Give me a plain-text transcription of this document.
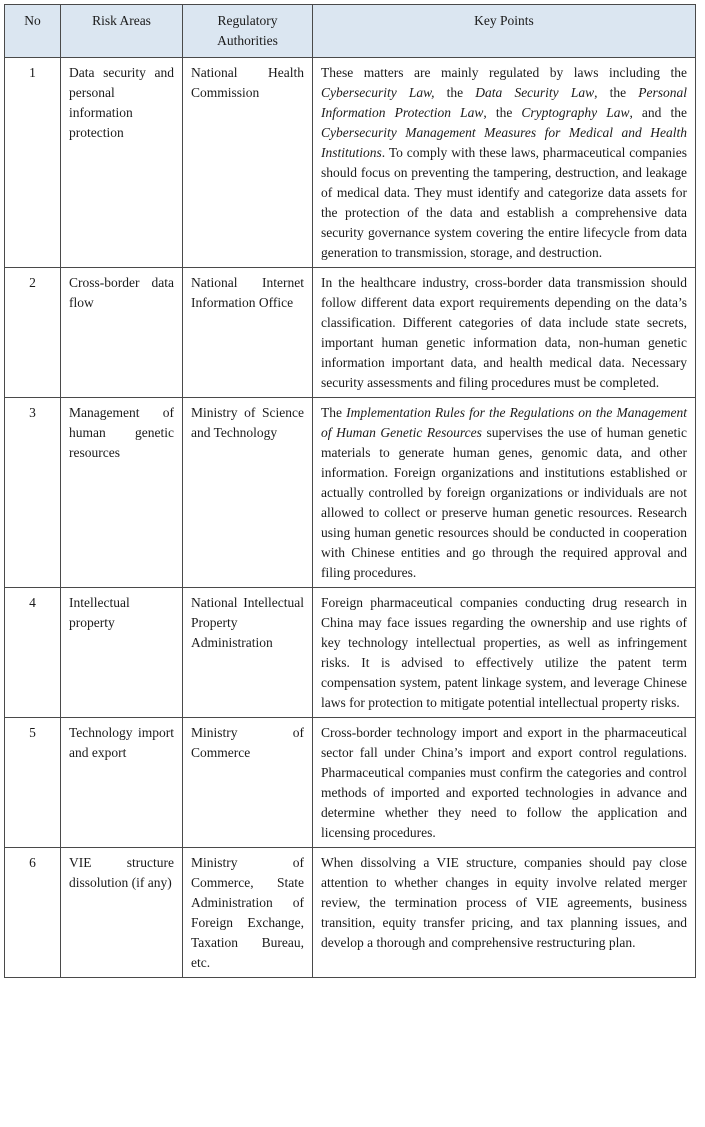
No	Risk Areas	Regulatory Authorities	Key Points
1	Data security and personal information protection	National Health Commission	These matters are mainly regulated by laws including the Cybersecurity Law, the Data Security Law, the Personal Information Protection Law, the Cryptography Law, and the Cybersecurity Management Measures for Medical and Health Institutions. To comply with these laws, pharmaceutical companies should focus on preventing the tampering, destruction, and leakage of medical data. They must identify and categorize data assets for the protection of the data and establish a comprehensive data security governance system covering the entire lifecycle from data generation to transmission, storage, and destruction.
2	Cross-border data flow	National Internet Information Office	In the healthcare industry, cross-border data transmission should follow different data export requirements depending on the data’s classification. Different categories of data include state secrets, important human genetic information data, non-human genetic information important data, and health medical data. Necessary security assessments and filing procedures must be completed.
3	Management of human genetic resources	Ministry of Science and Technology	The Implementation Rules for the Regulations on the Management of Human Genetic Resources supervises the use of human genetic materials to generate human genes, genomic data, and other information. Foreign organizations and institutions established or actually controlled by foreign organizations or individuals are not allowed to collect or preserve human genetic resources. Research using human genetic resources should be conducted in cooperation with Chinese entities and go through the required approval and filing procedures.
4	Intellectual property	National Intellectual Property Administration	Foreign pharmaceutical companies conducting drug research in China may face issues regarding the ownership and use rights of key technology intellectual properties, as well as infringement risks. It is advised to effectively utilize the patent term compensation system, patent linkage system, and leverage Chinese laws for protection to mitigate potential intellectual property risks.
5	Technology import and export	Ministry of Commerce	Cross-border technology import and export in the pharmaceutical sector fall under China’s import and export control regulations. Pharmaceutical companies must confirm the categories and control methods of imported and exported technologies in advance and determine whether they need to follow the application and licensing procedures.
6	VIE structure dissolution (if any)	Ministry of Commerce, State Administration of Foreign Exchange, Taxation Bureau, etc.	When dissolving a VIE structure, companies should pay close attention to whether changes in equity involve related merger review, the termination process of VIE agreements, business transition, equity transfer pricing, and tax planning issues, and develop a thorough and comprehensive restructuring plan.
